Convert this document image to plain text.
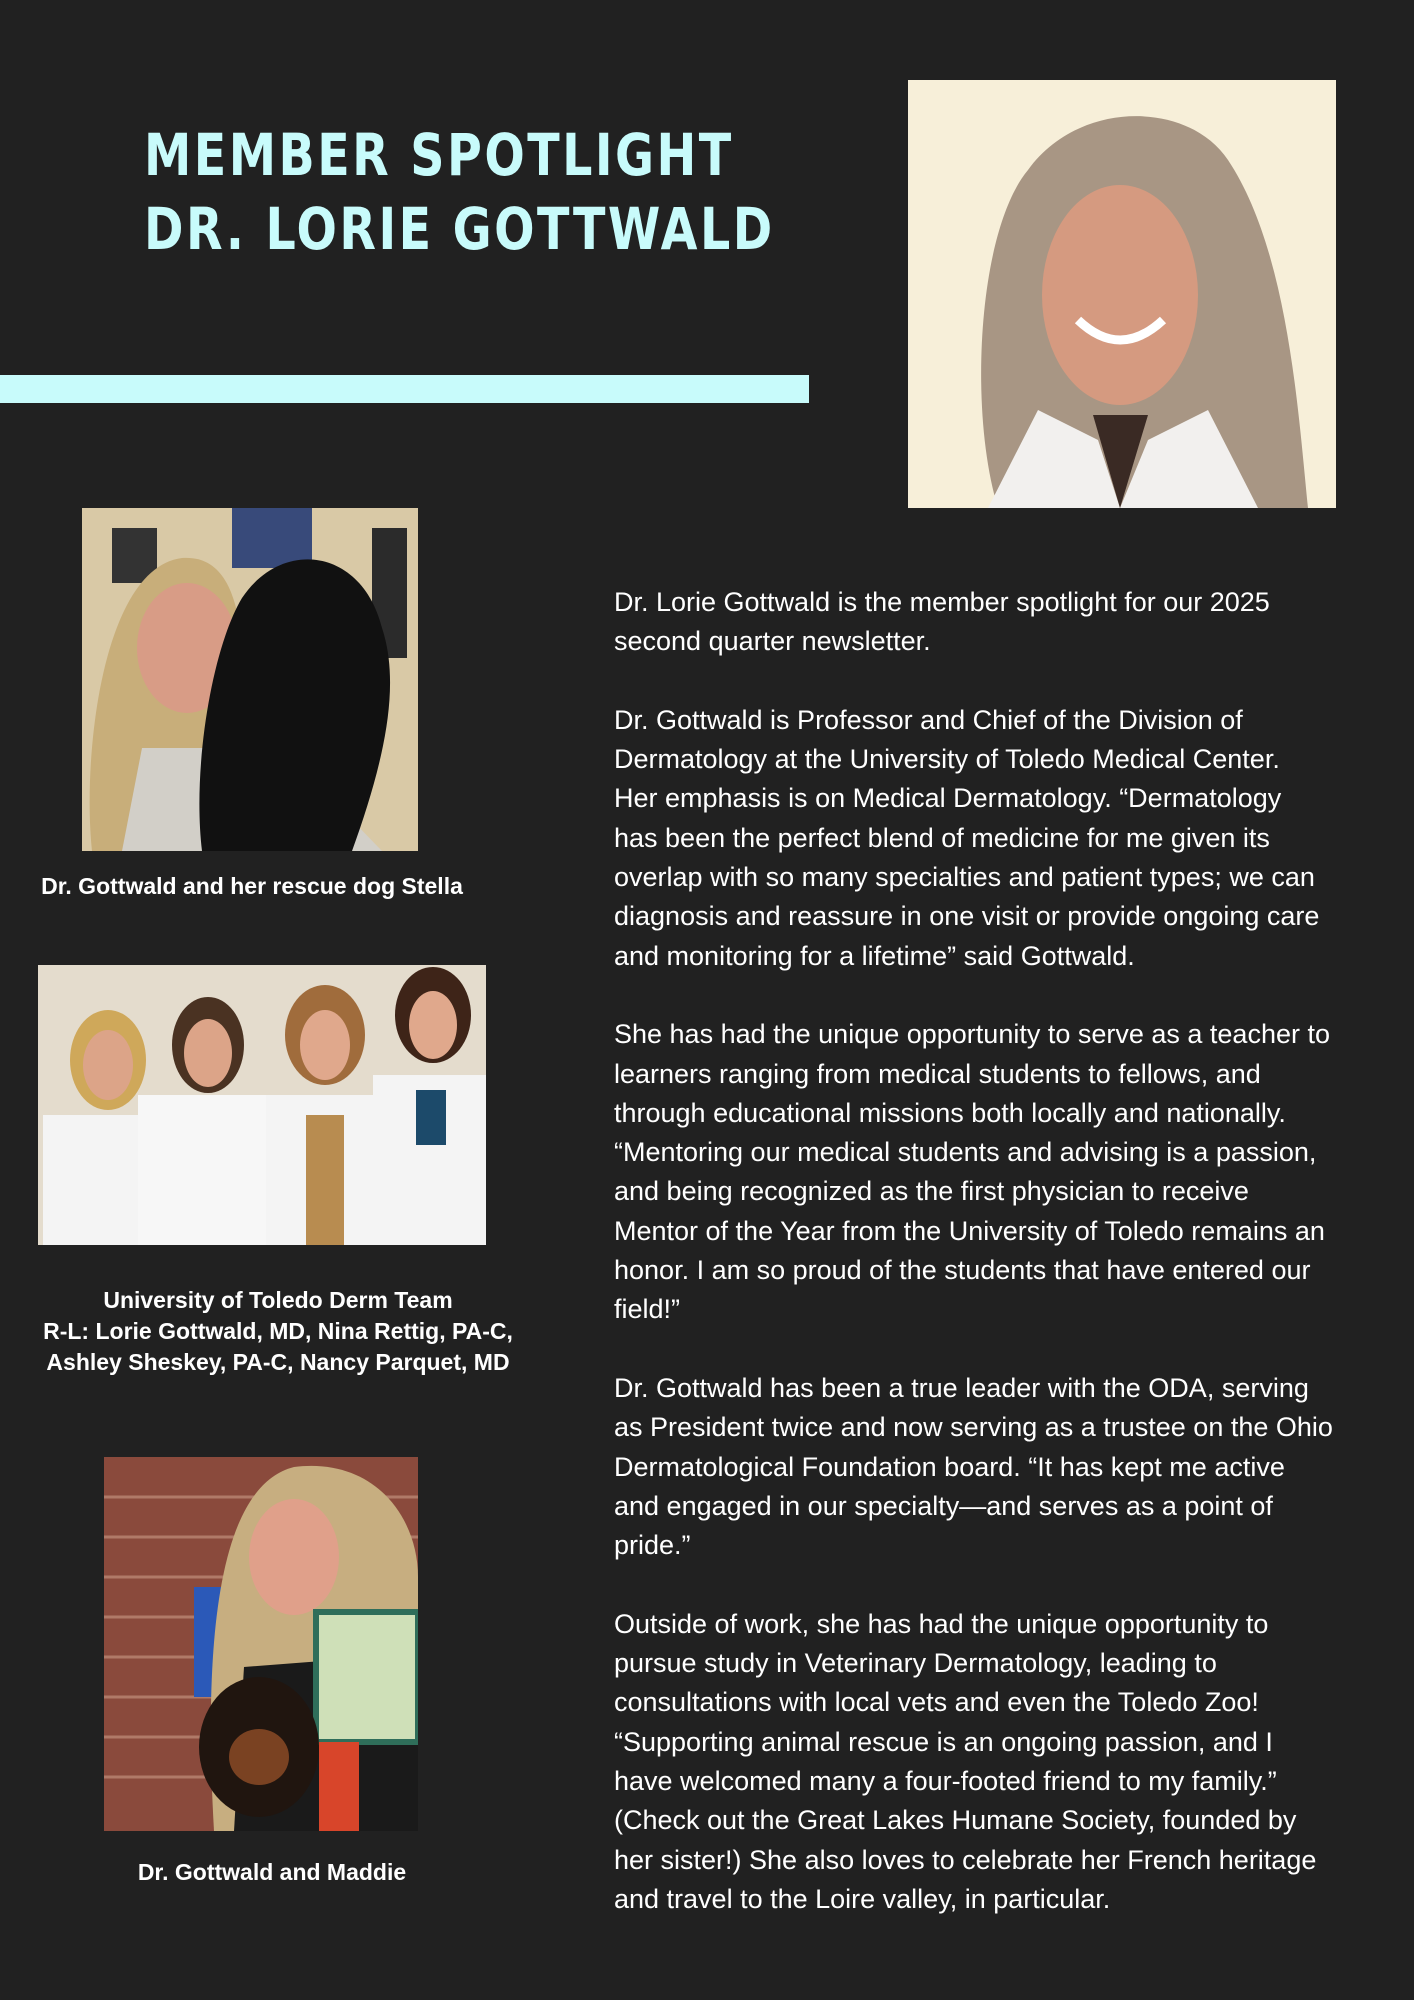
MEMBER SPOTLIGHT
DR. LORIE GOTTWALD
Dr. Gottwald and her rescue dog Stella
University of Toledo Derm Team
R-L: Lorie Gottwald, MD, Nina Rettig, PA-C,
Ashley Sheskey, PA-C, Nancy Parquet, MD
Dr. Gottwald and Maddie

Dr. Lorie Gottwald is the member spotlight for our 2025
second quarter newsletter.

Dr. Gottwald is Professor and Chief of the Division of
Dermatology at the University of Toledo Medical Center.
Her emphasis is on Medical Dermatology. “Dermatology
has been the perfect blend of medicine for me given its
overlap with so many specialties and patient types; we can
diagnosis and reassure in one visit or provide ongoing care
and monitoring for a lifetime” said Gottwald.

She has had the unique opportunity to serve as a teacher to
learners ranging from medical students to fellows, and
through educational missions both locally and nationally.
“Mentoring our medical students and advising is a passion,
and being recognized as the first physician to receive
Mentor of the Year from the University of Toledo remains an
honor. I am so proud of the students that have entered our
field!”

Dr. Gottwald has been a true leader with the ODA, serving
as President twice and now serving as a trustee on the Ohio
Dermatological Foundation board. “It has kept me active
and engaged in our specialty—and serves as a point of
pride.”

Outside of work, she has had the unique opportunity to
pursue study in Veterinary Dermatology, leading to
consultations with local vets and even the Toledo Zoo!
“Supporting animal rescue is an ongoing passion, and I
have welcomed many a four-footed friend to my family.”
(Check out the Great Lakes Humane Society, founded by
her sister!) She also loves to celebrate her French heritage
and travel to the Loire valley, in particular.
